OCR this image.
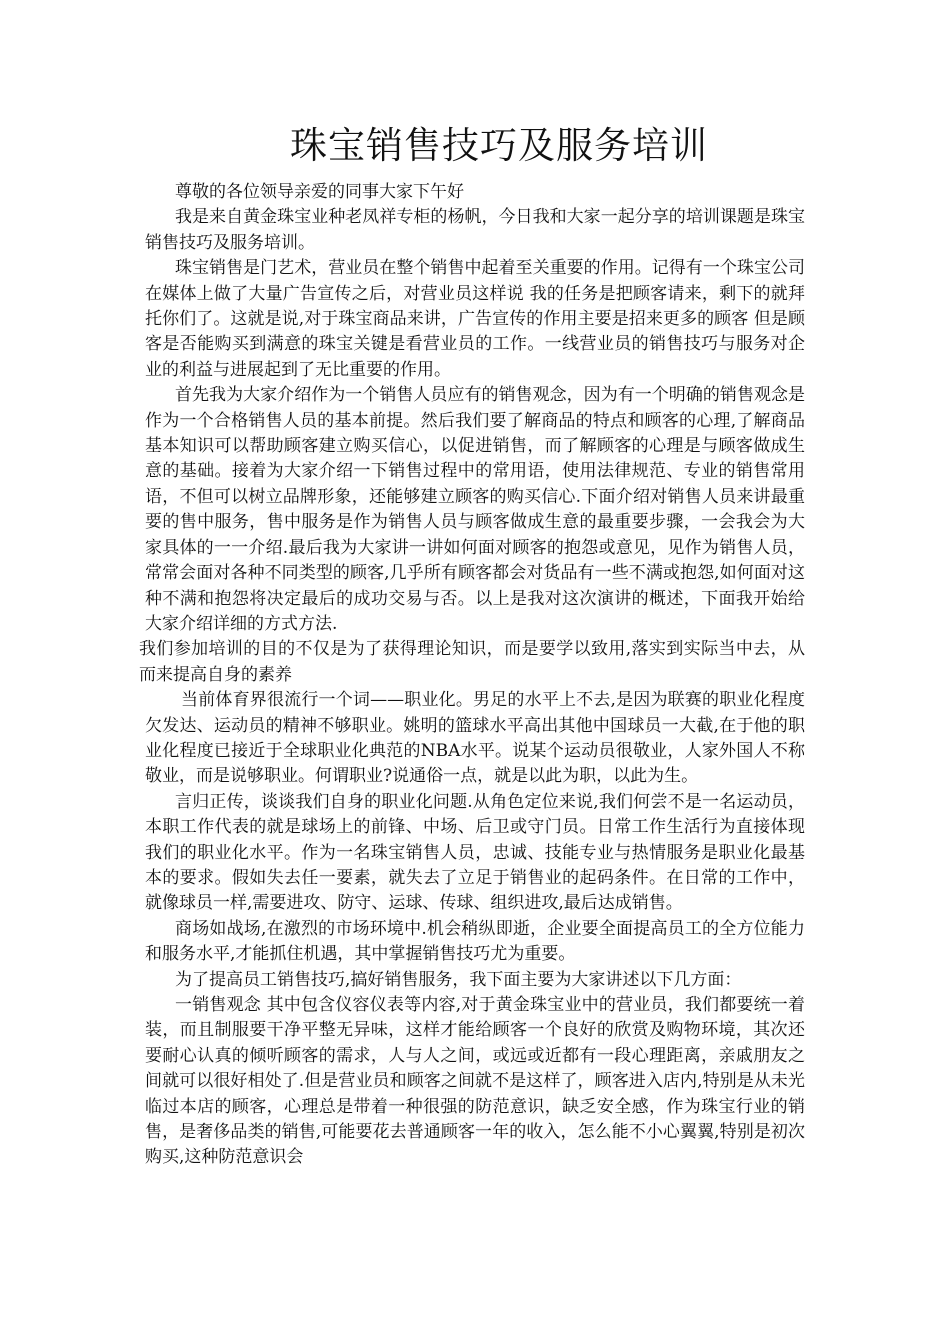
珠宝销售技巧及服务培训

尊敬的各位领导亲爱的同事大家下午好

我是来自黄金珠宝业种老凤祥专柜的杨帆，今日我和大家一起分享的培训课题是珠宝销售技巧及服务培训。

珠宝销售是门艺术，营业员在整个销售中起着至关重要的作用。记得有一个珠宝公司在媒体上做了大量广告宣传之后，对营业员这样说 我的任务是把顾客请来，剩下的就拜托你们了。这就是说,对于珠宝商品来讲，广告宣传的作用主要是招来更多的顾客 但是顾客是否能购买到满意的珠宝关键是看营业员的工作。一线营业员的销售技巧与服务对企业的利益与进展起到了无比重要的作用。

首先我为大家介绍作为一个销售人员应有的销售观念，因为有一个明确的销售观念是作为一个合格销售人员的基本前提。然后我们要了解商品的特点和顾客的心理,了解商品基本知识可以帮助顾客建立购买信心，以促进销售，而了解顾客的心理是与顾客做成生意的基础。接着为大家介绍一下销售过程中的常用语，使用法律规范、专业的销售常用语，不但可以树立品牌形象，还能够建立顾客的购买信心.下面介绍对销售人员来讲最重要的售中服务，售中服务是作为销售人员与顾客做成生意的最重要步骤，一会我会为大家具体的一一介绍.最后我为大家讲一讲如何面对顾客的抱怨或意见，见作为销售人员，常常会面对各种不同类型的顾客,几乎所有顾客都会对货品有一些不满或抱怨,如何面对这种不满和抱怨将决定最后的成功交易与否。以上是我对这次演讲的概述，下面我开始给大家介绍详细的方式方法.

我们参加培训的目的不仅是为了获得理论知识，而是要学以致用,落实到实际当中去，从而来提高自身的素养

当前体育界很流行一个词——职业化。男足的水平上不去,是因为联赛的职业化程度欠发达、运动员的精神不够职业。姚明的篮球水平高出其他中国球员一大截,在于他的职业化程度已接近于全球职业化典范的NBA水平。说某个运动员很敬业，人家外国人不称敬业，而是说够职业。何谓职业?说通俗一点，就是以此为职，以此为生。

言归正传，谈谈我们自身的职业化问题.从角色定位来说,我们何尝不是一名运动员，本职工作代表的就是球场上的前锋、中场、后卫或守门员。日常工作生活行为直接体现我们的职业化水平。作为一名珠宝销售人员，忠诚、技能专业与热情服务是职业化最基本的要求。假如失去任一要素，就失去了立足于销售业的起码条件。在日常的工作中，就像球员一样,需要进攻、防守、运球、传球、组织进攻,最后达成销售。

商场如战场,在激烈的市场环境中.机会稍纵即逝，企业要全面提高员工的全方位能力和服务水平,才能抓住机遇，其中掌握销售技巧尤为重要。

为了提高员工销售技巧,搞好销售服务，我下面主要为大家讲述以下几方面：

一销售观念 其中包含仪容仪表等内容,对于黄金珠宝业中的营业员，我们都要统一着装，而且制服要干净平整无异味，这样才能给顾客一个良好的欣赏及购物环境，其次还要耐心认真的倾听顾客的需求，人与人之间，或远或近都有一段心理距离，亲戚朋友之间就可以很好相处了.但是营业员和顾客之间就不是这样了，顾客进入店内,特别是从未光临过本店的顾客，心理总是带着一种很强的防范意识，缺乏安全感，作为珠宝行业的销售，是奢侈品类的销售,可能要花去普通顾客一年的收入，怎么能不小心翼翼,特别是初次购买,这种防范意识会
